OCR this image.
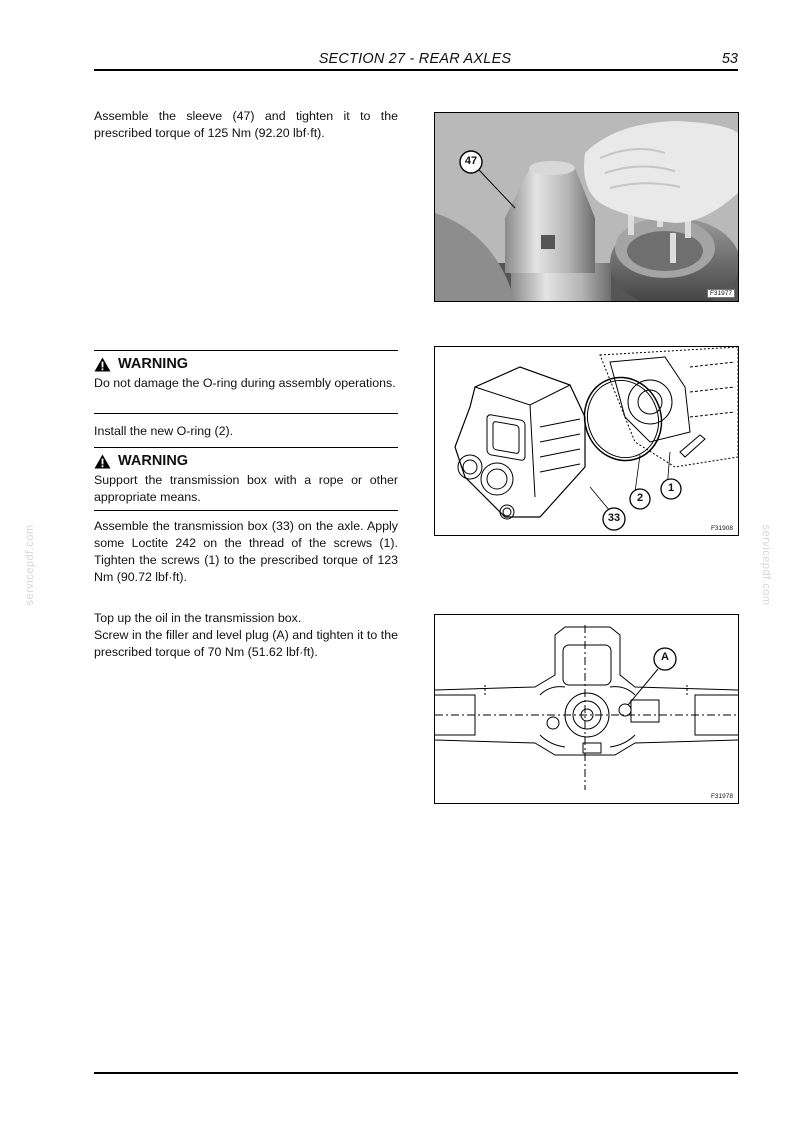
SECTION 27 - REAR AXLES	53

Assemble the sleeve (47) and tighten it to the prescribed torque of 125 Nm (92.20 lbf·ft).

WARNING

Do not damage the O-ring during assembly operations.

Install the new O-ring (2).

WARNING

Support the transmission box with a rope or other appropriate means.

Assemble the transmission box (33) on the axle. Apply some Loctite 242 on the thread of the screws (1). Tighten the screws (1) to the prescribed torque of 123 Nm (90.72 lbf·ft).

Top up the oil in the transmission box.

Screw in the filler and level plug (A) and tighten it to the prescribed torque of 70 Nm (51.62 lbf·ft).

47
F31977
2
1
33
F31908
A
F31978
servicepdf.com	servicepdf.com
